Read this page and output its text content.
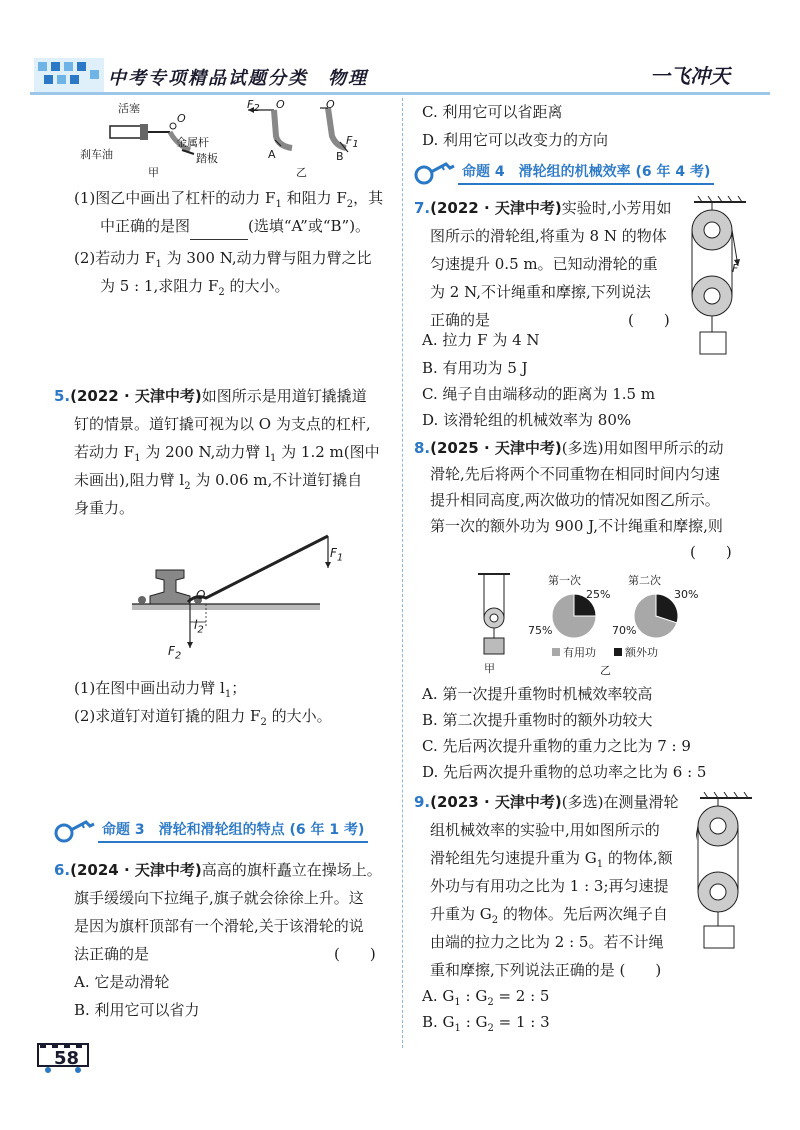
中考专项精品试题分类　物理	一飞冲天
活塞
刹车油
金属杆
踏板
O
甲
$F_2$ O
A
乙
O
B
$F_1$
(1)图乙中画出了杠杆的动力 $F_1$ 和阻力 $F_2$，其
中正确的是图	(选填“A”或“B”)。
(2)若动力 $F_1$ 为 300 N,动力臂与阻力臂之比
为 5 : 1,求阻力 $F_2$ 的大小。
5.(2022 · 天津中考)如图所示是用道钉撬撬道
钉的情景。道钉撬可视为以 O 为支点的杠杆,
若动力 $F_1$ 为 200 N,动力臂 $l_1$ 为 1.2 m(图中
未画出),阻力臂 $l_2$ 为 0.06 m,不计道钉撬自
身重力。
$F_1$
O
$l_2$
$F_2$
(1)在图中画出动力臂 $l_1$；
(2)求道钉对道钉撬的阻力 $F_2$ 的大小。
命题 3　滑轮和滑轮组的特点 (6 年 1 考)
6.(2024 · 天津中考)高高的旗杆矗立在操场上。
旗手缓缓向下拉绳子,旗子就会徐徐上升。这
是因为旗杆顶部有一个滑轮,关于该滑轮的说
法正确的是	(　　)
A. 它是动滑轮
B. 利用它可以省力
C. 利用它可以省距离
D. 利用它可以改变力的方向
命题 4　滑轮组的机械效率 (6 年 4 考)
7.(2022 · 天津中考)实验时,小芳用如
图所示的滑轮组,将重为 8 N 的物体
匀速提升 0.5 m。已知动滑轮的重
为 2 N,不计绳重和摩擦,下列说法
正确的是	(　　)
F
A. 拉力 F 为 4 N
B. 有用功为 5 J
C. 绳子自由端移动的距离为 1.5 m
D. 该滑轮组的机械效率为 80%
8.(2025 · 天津中考)(多选)用如图甲所示的动
滑轮,先后将两个不同重物在相同时间内匀速
提升相同高度,两次做功的情况如图乙所示。
第一次的额外功为 900 J,不计绳重和摩擦,则
(　　)
甲
第一次	第二次
25%
75%
30%
70%
有用功	额外功
乙
A. 第一次提升重物时机械效率较高
B. 第二次提升重物时的额外功较大
C. 先后两次提升重物的重力之比为 7 : 9
D. 先后两次提升重物的总功率之比为 6 : 5
9.(2023 · 天津中考)(多选)在测量滑轮
组机械效率的实验中,用如图所示的
滑轮组先匀速提升重为 $G_1$ 的物体,额
外功与有用功之比为 1 : 3;再匀速提
升重为 $G_2$ 的物体。先后两次绳子自
由端的拉力之比为 2 : 5。若不计绳
重和摩擦,下列说法正确的是 (　　)
A. $G_1$ : $G_2 = 2$ : 5
B. $G_1$ : $G_2 = 1$ : 3
58
